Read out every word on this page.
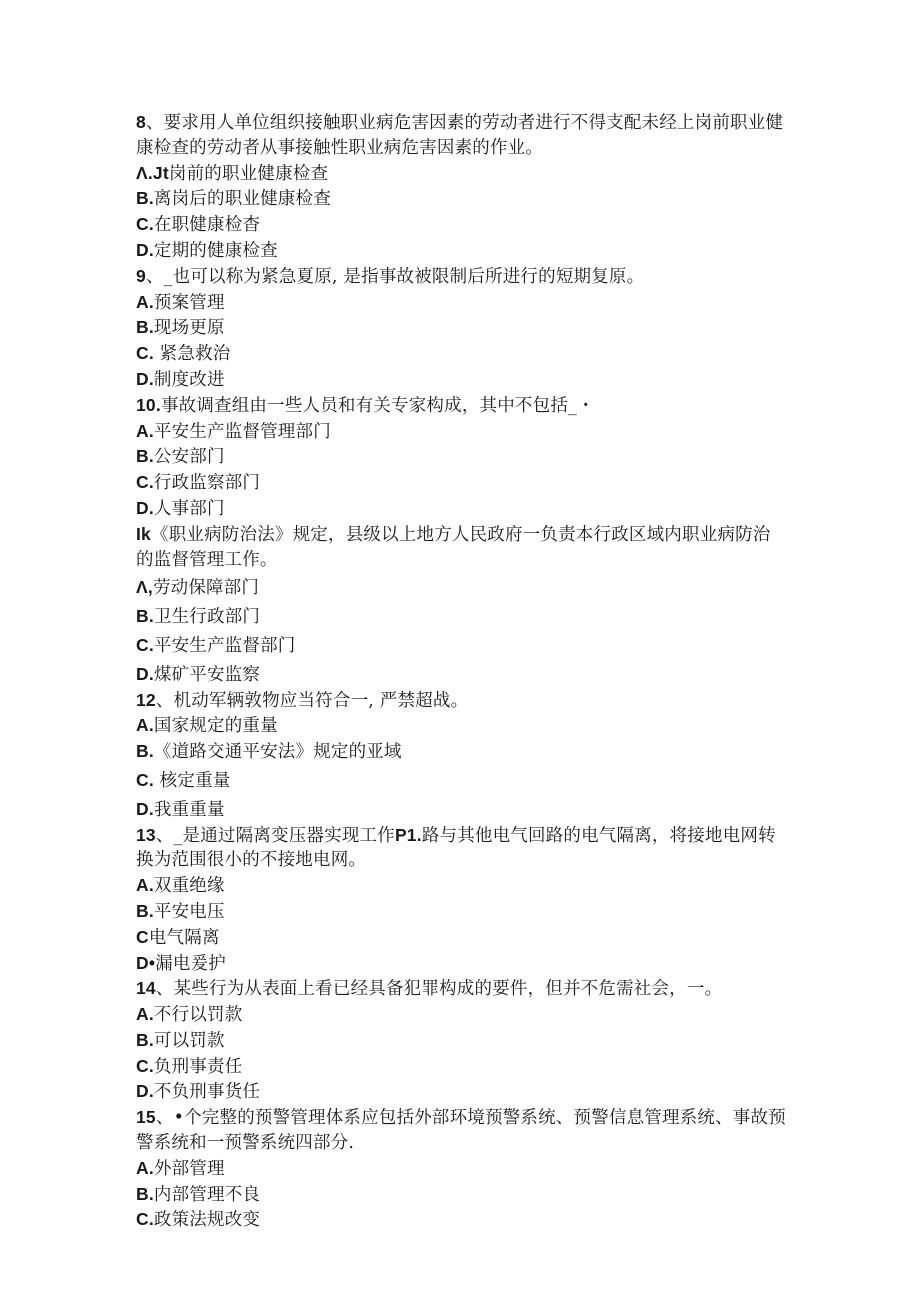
8、要求用人单位组织接触职业病危害因素的劳动者进行不得支配未经上岗前职业健康检查的劳动者从事接触性职业病危害因素的作业。
Λ.Jt岗前的职业健康检查
B.离岗后的职业健康检查
C.在职健康检杳
D.定期的健康检查
9、_也可以称为紧急夏原, 是指事故被限制后所进行的短期复原。
A.预案管理
B.现场更原
C. 紧急救治
D.制度改进
10.事故调查组由一些人员和有关专家构成，其中不包括_・
A.平安生产监督管理部门
B.公安部门
C.行政监察部门
D.人事部门
Ik《职业病防治法》规定，县级以上地方人民政府一负责本行政区域内职业病防治的监督管理工作。
Λ,劳动保障部门
B.卫生行政部门
C.平安生产监督部门
D.煤矿平安监察
12、机动军辆敦物应当符合一, 严禁超战。
A.国家规定的重量
B.《道路交通平安法》规定的亚域
C. 核定重量
D.我重重量
13、_是通过隔离变压器实现工作P1.路与其他电气回路的电气隔离，将接地电网转换为范围很小的不接地电网。
A.双重绝缘
B.平安电压
C电气隔离
D•漏电爰护
14、某些行为从表面上看已经具备犯罪构成的要件，但并不危需社会，一。
A.不行以罚款
B.可以罚款
C.负刑事责任
D.不负刑事货任
15、•个完整的预警管理体系应包括外部环境预警系统、预警信息管理系统、事故预警系统和一预警系统四部分.
A.外部管理
B.内部管理不良
C.政策法规改变
